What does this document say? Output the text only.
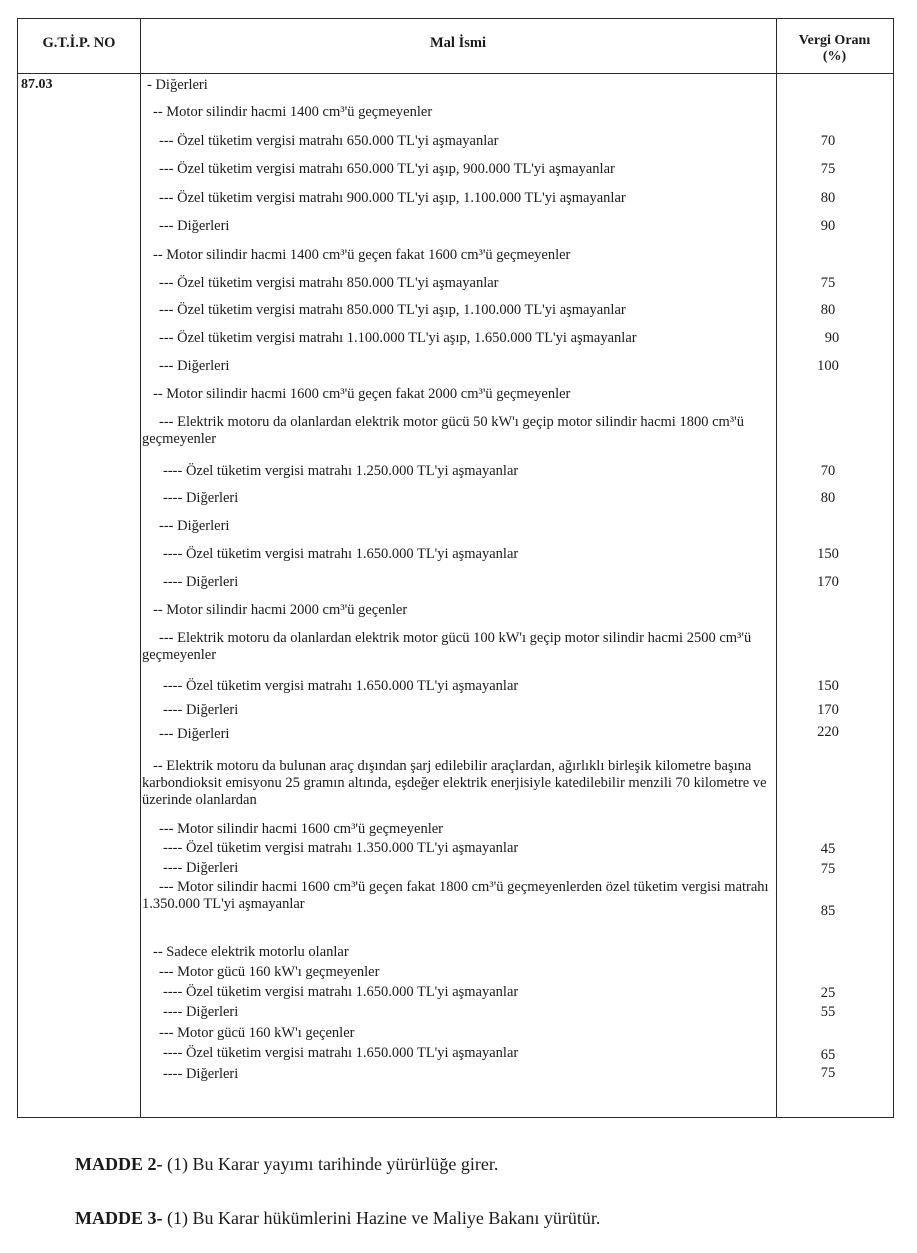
G.T.İ.P. NO	Mal İsmi	Vergi Oranı
(%)
87.03	- Diğerleri
-- Motor silindir hacmi 1400 cm³'ü geçmeyenler
--- Özel tüketim vergisi matrahı 650.000 TL'yi aşmayanlar	70
--- Özel tüketim vergisi matrahı 650.000 TL'yi aşıp, 900.000 TL'yi aşmayanlar	75
--- Özel tüketim vergisi matrahı 900.000 TL'yi aşıp, 1.100.000 TL'yi aşmayanlar	80
--- Diğerleri	90
-- Motor silindir hacmi 1400 cm³'ü geçen fakat 1600 cm³'ü geçmeyenler
--- Özel tüketim vergisi matrahı 850.000 TL'yi aşmayanlar	75
--- Özel tüketim vergisi matrahı 850.000 TL'yi aşıp, 1.100.000 TL'yi aşmayanlar	80
--- Özel tüketim vergisi matrahı 1.100.000 TL'yi aşıp, 1.650.000 TL'yi aşmayanlar	90
--- Diğerleri	100
-- Motor silindir hacmi 1600 cm³'ü geçen fakat 2000 cm³'ü geçmeyenler
--- Elektrik motoru da olanlardan elektrik motor gücü 50 kW'ı geçip motor silindir hacmi 1800 cm³'ü geçmeyenler
---- Özel tüketim vergisi matrahı 1.250.000 TL'yi aşmayanlar	70
---- Diğerleri	80
--- Diğerleri
---- Özel tüketim vergisi matrahı 1.650.000 TL'yi aşmayanlar	150
---- Diğerleri	170
-- Motor silindir hacmi 2000 cm³'ü geçenler
--- Elektrik motoru da olanlardan elektrik motor gücü 100 kW'ı geçip motor silindir hacmi 2500 cm³'ü geçmeyenler
---- Özel tüketim vergisi matrahı 1.650.000 TL'yi aşmayanlar	150
---- Diğerleri	170
--- Diğerleri	220
-- Elektrik motoru da bulunan araç dışından şarj edilebilir araçlardan, ağırlıklı birleşik kilometre başına karbondioksit emisyonu 25 gramın altında, eşdeğer elektrik enerjisiyle katedilebilir menzili 70 kilometre ve üzerinde olanlardan
--- Motor silindir hacmi 1600 cm³'ü geçmeyenler
---- Özel tüketim vergisi matrahı 1.350.000 TL'yi aşmayanlar	45
---- Diğerleri	75
--- Motor silindir hacmi 1600 cm³'ü geçen fakat 1800 cm³'ü geçmeyenlerden özel tüketim vergisi matrahı 1.350.000 TL'yi aşmayanlar	85
-- Sadece elektrik motorlu olanlar
--- Motor gücü 160 kW'ı geçmeyenler
---- Özel tüketim vergisi matrahı 1.650.000 TL'yi aşmayanlar	25
---- Diğerleri	55
--- Motor gücü 160 kW'ı geçenler
---- Özel tüketim vergisi matrahı 1.650.000 TL'yi aşmayanlar	65
---- Diğerleri	75
MADDE 2- (1) Bu Karar yayımı tarihinde yürürlüğe girer.
MADDE 3- (1) Bu Karar hükümlerini Hazine ve Maliye Bakanı yürütür.
